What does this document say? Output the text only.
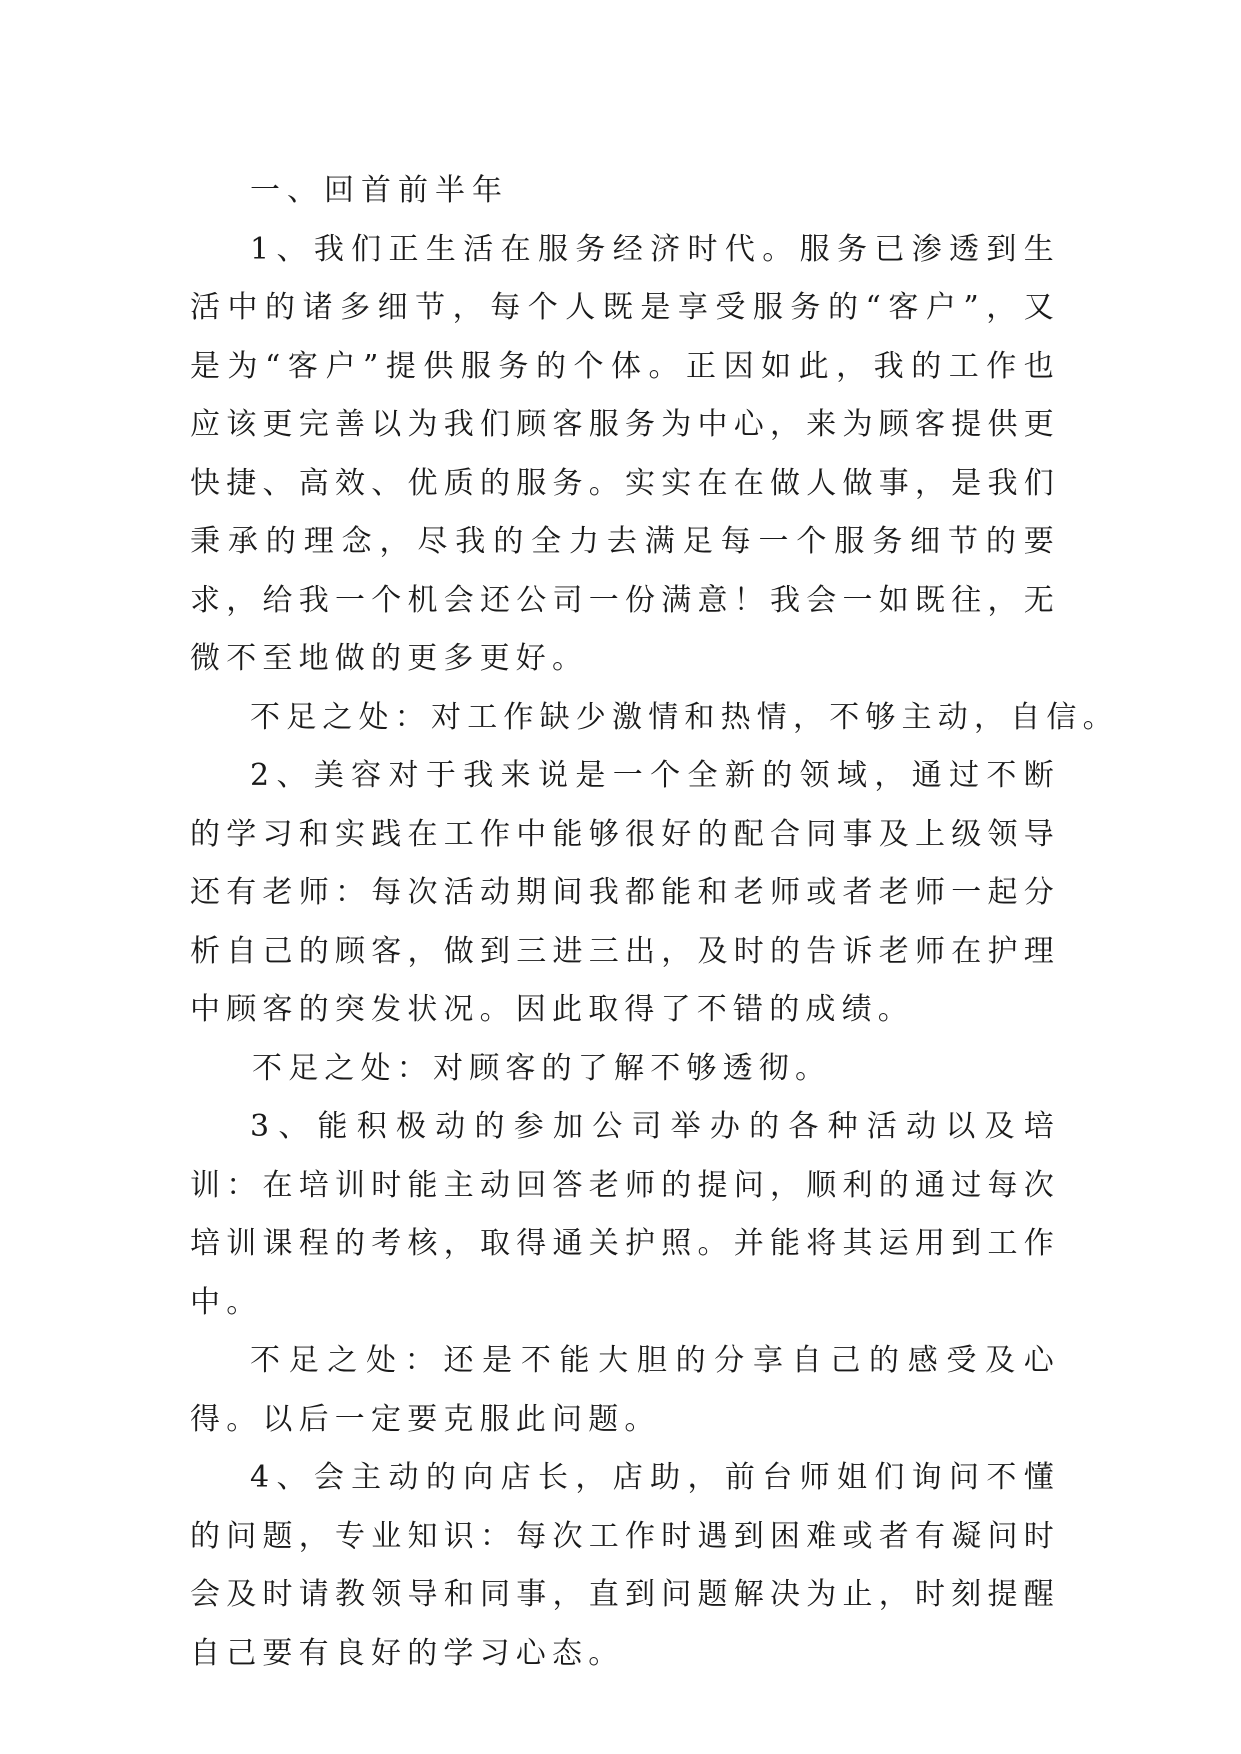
一、回首前半年

1、我们正生活在服务经济时代。服务已渗透到生活中的诸多细节，每个人既是享受服务的“客户”，又是为“客户”提供服务的个体。正因如此，我的工作也应该更完善以为我们顾客服务为中心，来为顾客提供更快捷、高效、优质的服务。实实在在做人做事，是我们秉承的理念，尽我的全力去满足每一个服务细节的要求，给我一个机会还公司一份满意！我会一如既往，无微不至地做的更多更好。

不足之处：对工作缺少激情和热情，不够主动，自信。

2、美容对于我来说是一个全新的领域，通过不断的学习和实践在工作中能够很好的配合同事及上级领导还有老师：每次活动期间我都能和老师或者老师一起分析自己的顾客，做到三进三出，及时的告诉老师在护理中顾客的突发状况。因此取得了不错的成绩。

不足之处：对顾客的了解不够透彻。

3、能积极动的参加公司举办的各种活动以及培训：在培训时能主动回答老师的提问，顺利的通过每次培训课程的考核，取得通关护照。并能将其运用到工作中。

不足之处：还是不能大胆的分享自己的感受及心得。以后一定要克服此问题。

4、会主动的向店长，店助，前台师姐们询问不懂的问题，专业知识：每次工作时遇到困难或者有凝问时会及时请教领导和同事，直到问题解决为止，时刻提醒自己要有良好的学习心态。
